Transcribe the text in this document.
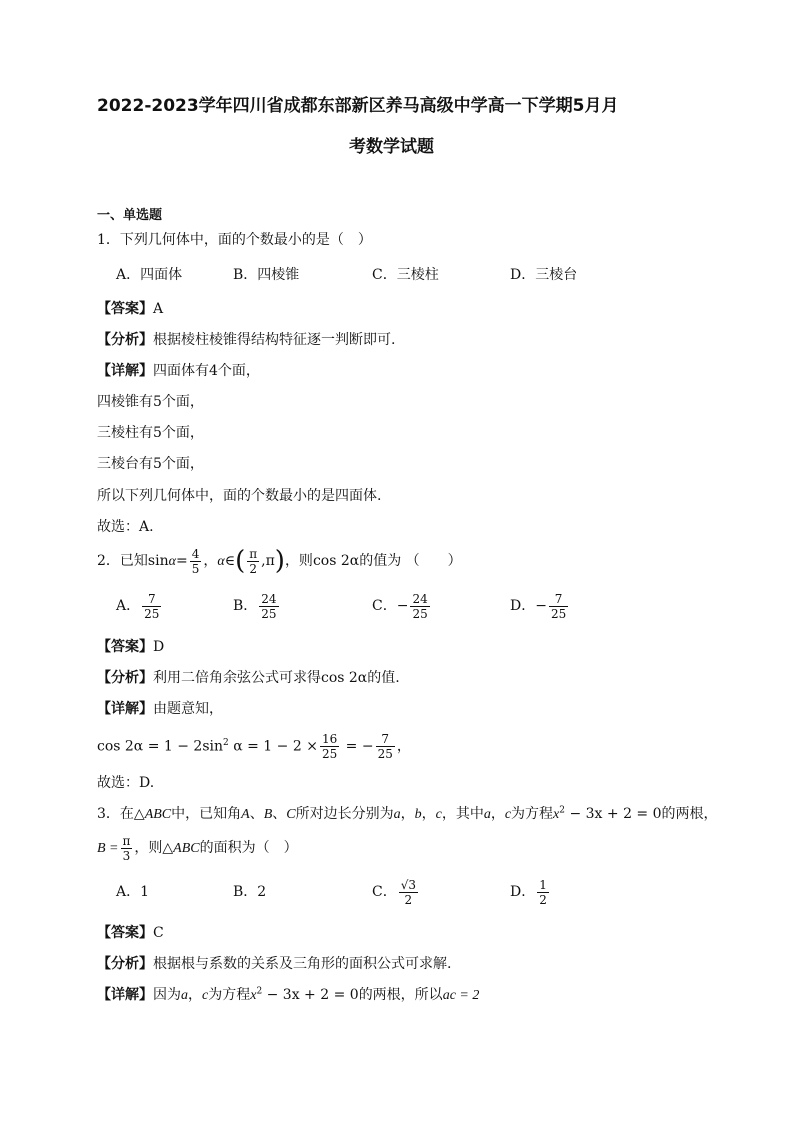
2022-2023学年四川省成都东部新区养马高级中学高一下学期5月月
考数学试题
一、单选题
1．下列几何体中，面的个数最小的是（　）
A．四面体	B．四棱锥	C．三棱柱	D．三棱台
【答案】A
【分析】根据棱柱棱锥得结构特征逐一判断即可.
【详解】四面体有4个面，
四棱锥有5个面，
三棱柱有5个面，
三棱台有5个面，
所以下列几何体中，面的个数最小的是四面体.
故选：A.
2．已知$\sin\alpha= \frac{4}{5}$ ，α∈( $\frac{\pi}{2} ,\pi$)，则cos 2α的值为 （　　）
A． $\frac{7}{25}$	B． $\frac{24}{25}$	C．− $\frac{24}{25}$	D．− $\frac{7}{25}$
【答案】D
【分析】利用二倍角余弦公式可求得cos 2α的值.
【详解】由题意知，
$\cos 2\alpha = 1 - 2\sin^2$ $\alpha = 1 - 2 \times \frac{16}{25}$ = − $\frac{7}{25}$ ，
故选：D.
3．在△ABC中，已知角A、B、C所对边长分别为a，b，c，其中a，c为方程$x^2 - 3x + 2 = 0$的两根，
$B = \frac{\pi}{3}$ ，则△ABC的面积为（　）
A．1	B．2	C． $\frac{√3}{2}$	D． $\frac{1}{2}$
【答案】C
【分析】根据根与系数的关系及三角形的面积公式可求解.
【详解】因为a，c为方程$x^2 - 3x + 2 = 0$的两根，所以ac = 2
